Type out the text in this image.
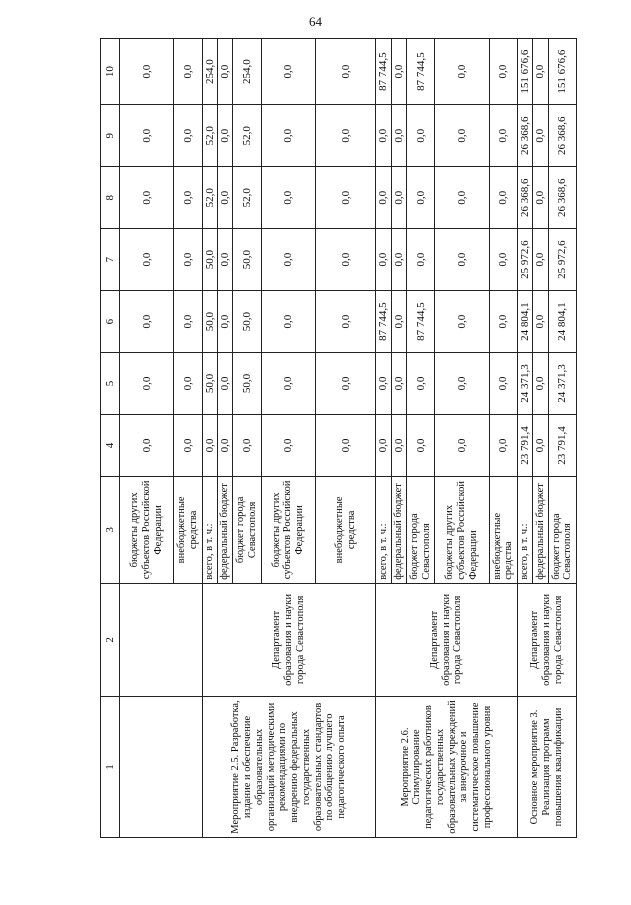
64
1	2	3	4	5	6	7	8	9	10
		бюджеты других субъектов Российской Федерации	0,0	0,0	0,0	0,0	0,0	0,0	0,0
		внебюджетные средства	0,0	0,0	0,0	0,0	0,0	0,0	0,0
Мероприятие 2.5. Разработка, издание и обеспечение образовательных организаций методическими рекомендациями по внедрению федеральных государственных образовательных стандартов по обобщению лучшего педагогического опыта	Департамент образования и науки города Севастополя	всего, в т. ч.:	0,0	50,0	50,0	50,0	52,0	52,0	254,0
		федеральный бюджет	0,0	0,0	0,0	0,0	0,0	0,0	0,0
		бюджет города Севастополя	0,0	50,0	50,0	50,0	52,0	52,0	254,0
		бюджеты других субъектов Российской Федерации	0,0	0,0	0,0	0,0	0,0	0,0	0,0
		внебюджетные средства	0,0	0,0	0,0	0,0	0,0	0,0	0,0
Мероприятие 2.6. Стимулирование педагогических работников государственных образовательных учреждений за внеурочное и систематическое повышение профессионального уровня	Департамент образования и науки города Севастополя	всего, в т. ч.:	0,0	0,0	87 744,5	0,0	0,0	0,0	87 744,5
		федеральный бюджет	0,0	0,0	0,0	0,0	0,0	0,0	0,0
		бюджет города Севастополя	0,0	0,0	87 744,5	0,0	0,0	0,0	87 744,5
		бюджеты других субъектов Российской Федерации	0,0	0,0	0,0	0,0	0,0	0,0	0,0
		внебюджетные средства	0,0	0,0	0,0	0,0	0,0	0,0	0,0
Основное мероприятие 3. Реализация программ повышения квалификации	Департамент образования и науки города Севастополя	всего, в т. ч.:	23 791,4	24 371,3	24 804,1	25 972,6	26 368,6	26 368,6	151 676,6
		федеральный бюджет	0,0	0,0	0,0	0,0	0,0	0,0	0,0
		бюджет города Севастополя	23 791,4	24 371,3	24 804,1	25 972,6	26 368,6	26 368,6	151 676,6
